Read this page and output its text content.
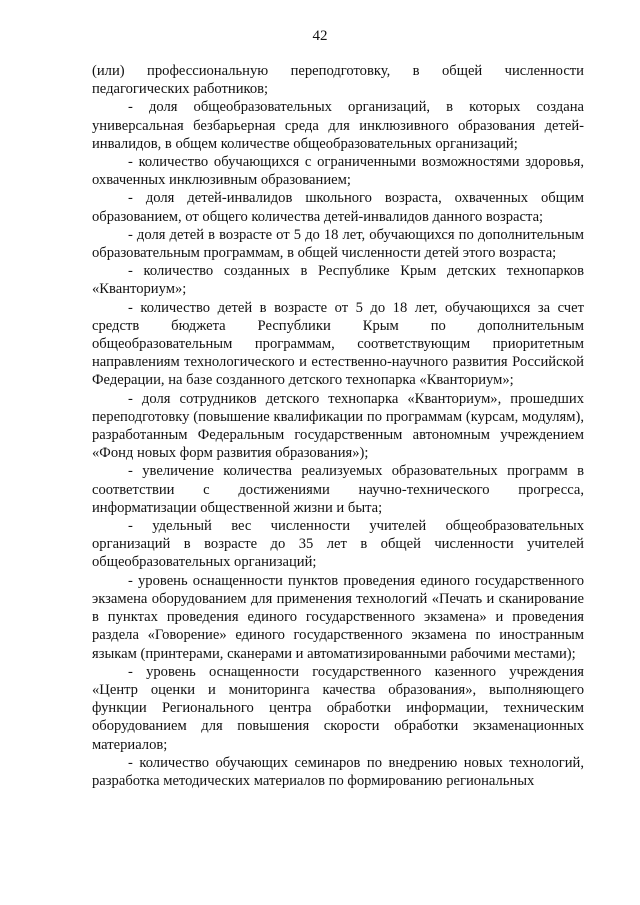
42

(или) профессиональную переподготовку, в общей численности педагогических работников;

- доля общеобразовательных организаций, в которых создана универсальная безбарьерная среда для инклюзивного образования детей-инвалидов, в общем количестве общеобразовательных организаций;

- количество обучающихся с ограниченными возможностями здоровья, охваченных инклюзивным образованием;

- доля детей-инвалидов школьного возраста, охваченных общим образованием, от общего количества детей-инвалидов данного возраста;

- доля детей в возрасте от 5 до 18 лет, обучающихся по дополнительным образовательным программам, в общей численности детей этого возраста;

- количество созданных в Республике Крым детских технопарков «Кванториум»;

- количество детей в возрасте от 5 до 18 лет, обучающихся за счет средств бюджета Республики Крым по дополнительным общеобразовательным программам, соответствующим приоритетным направлениям технологического и естественно-научного развития Российской Федерации, на базе созданного детского технопарка «Кванториум»;

- доля сотрудников детского технопарка «Кванториум», прошедших переподготовку (повышение квалификации по программам (курсам, модулям), разработанным Федеральным государственным автономным учреждением «Фонд новых форм развития образования»);

- увеличение количества реализуемых образовательных программ в соответствии с достижениями научно-технического прогресса, информатизации общественной жизни и быта;

- удельный вес численности учителей общеобразовательных организаций в возрасте до 35 лет в общей численности учителей общеобразовательных организаций;

- уровень оснащенности пунктов проведения единого государственного экзамена оборудованием для применения технологий «Печать и сканирование в пунктах проведения единого государственного экзамена» и проведения раздела «Говорение» единого государственного экзамена по иностранным языкам (принтерами, сканерами и автоматизированными рабочими местами);

- уровень оснащенности государственного казенного учреждения «Центр оценки и мониторинга качества образования», выполняющего функции Регионального центра обработки информации, техническим оборудованием для повышения скорости обработки экзаменационных материалов;

- количество обучающих семинаров по внедрению новых технологий, разработка методических материалов по формированию региональных
